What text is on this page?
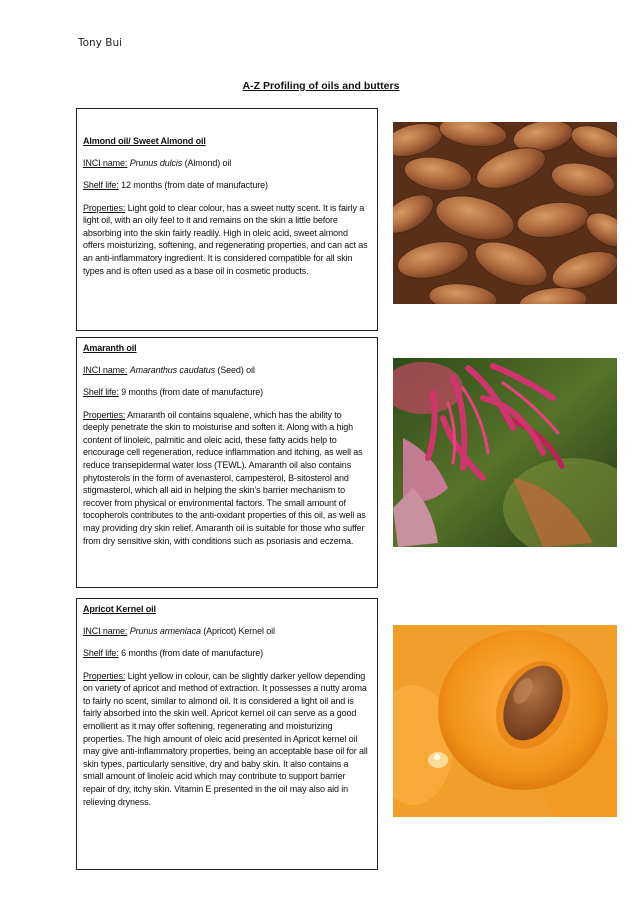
Tony Bui
A-Z Profiling of oils and butters

Almond oil/ Sweet Almond oil

INCI name: Prunus dulcis (Almond) oil

Shelf life: 12 months (from date of manufacture)

Properties: Light gold to clear colour, has a sweet nutty scent. It is fairly a light oil, with an oily feel to it and remains on the skin a little before absorbing into the skin fairly readily. High in oleic acid, sweet almond offers moisturizing, softening, and regenerating properties, and can act as an anti-inflammatory ingredient. It is considered compatible for all skin types and is often used as a base oil in cosmetic products.

Amaranth oil

INCI name: Amaranthus caudatus (Seed) oil

Shelf life: 9 months (from date of manufacture)

Properties: Amaranth oil contains squalene, which has the ability to deeply penetrate the skin to moisturise and soften it. Along with a high content of linoleic, palmitic and oleic acid, these fatty acids help to encourage cell regeneration, reduce inflammation and itching, as well as reduce transepidermal water loss (TEWL). Amaranth oil also contains phytosterols in the form of avenasterol, campesterol, B-sitosterol and stigmasterol, which all aid in helping the skin’s barrier mechanism to recover from physical or environmental factors. The small amount of tocopherols contributes to the anti-oxidant properties of this oil, as well as may providing dry skin relief. Amaranth oil is suitable for those who suffer from dry sensitive skin, with conditions such as psoriasis and eczema.

Apricot Kernel oil

INCI name: Prunus armeniaca (Apricot) Kernel oil

Shelf life: 6 months (from date of manufacture)

Properties: Light yellow in colour, can be slightly darker yellow depending on variety of apricot and method of extraction. It possesses a nutty aroma to fairly no scent, similar to almond oil. It is considered a light oil and is fairly absorbed into the skin well. Apricot kernel oil can serve as a good emollient as it may offer softening, regenerating and moisturizing properties. The high amount of oleic acid presented in Apricot kernel oil may give anti-inflammatory properties, being an acceptable base oil for all skin types, particularly sensitive, dry and baby skin. It also contains a small amount of linoleic acid which may contribute to support barrier repair of dry, itchy skin. Vitamin E presented in the oil may also aid in relieving dryness.
